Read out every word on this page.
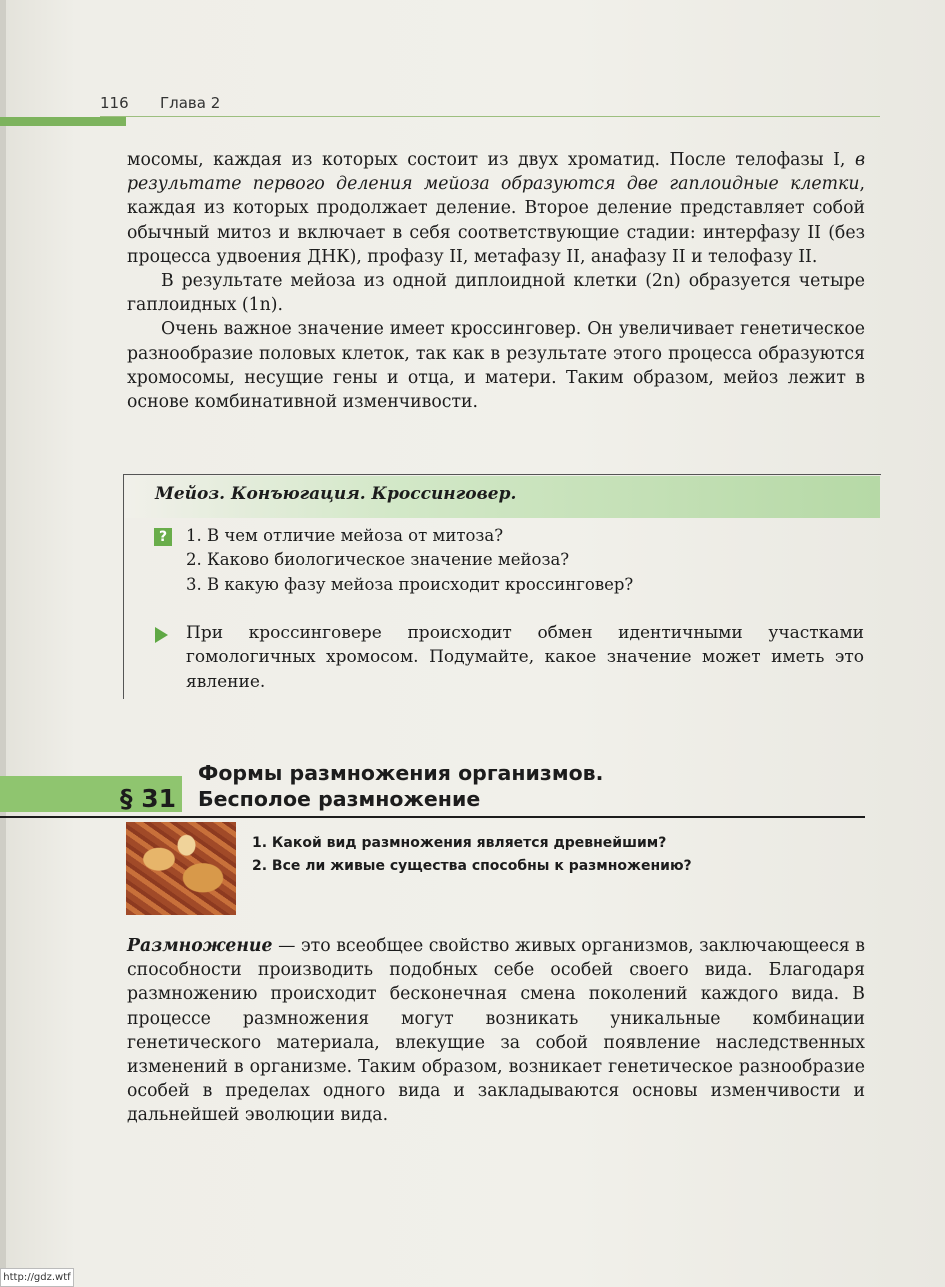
116 Глава 2

мосомы, каждая из которых состоит из двух хроматид. После телофазы I, в результате первого деления мейоза образуются две гаплоидные клетки, каждая из которых продолжает деление. Второе деление представляет собой обычный митоз и включает в себя соответствующие стадии: интерфазу II (без процесса удвоения ДНК), профазу II, метафазу II, анафазу II и телофазу II.

В результате мейоза из одной диплоидной клетки (2n) образуется четыре гаплоидных (1n).

Очень важное значение имеет кроссинговер. Он увеличивает генетическое разнообразие половых клеток, так как в результате этого процесса образуются хромосомы, несущие гены и отца, и матери. Таким образом, мейоз лежит в основе комбинативной изменчивости.

Мейоз. Конъюгация. Кроссинговер.
? 1. В чем отличие мейоза от митоза?
2. Каково биологическое значение мейоза?
3. В какую фазу мейоза происходит кроссинговер?

При кроссинговере происходит обмен идентичными участками гомологичных хромосом. Подумайте, какое значение может иметь это явление.

§ 31
Формы размножения организмов.
Бесполое размножение
1. Какой вид размножения является древнейшим?
2. Все ли живые существа способны к размножению?

Размножение — это всеобщее свойство живых организмов, заключающееся в способности производить подобных себе особей своего вида. Благодаря размножению происходит бесконечная смена поколений каждого вида. В процессе размножения могут возникать уникальные комбинации генетического материала, влекущие за собой появление наследственных изменений в организме. Таким образом, возникает генетическое разнообразие особей в пределах одного вида и закладываются основы изменчивости и дальнейшей эволюции вида.

http://gdz.wtf
